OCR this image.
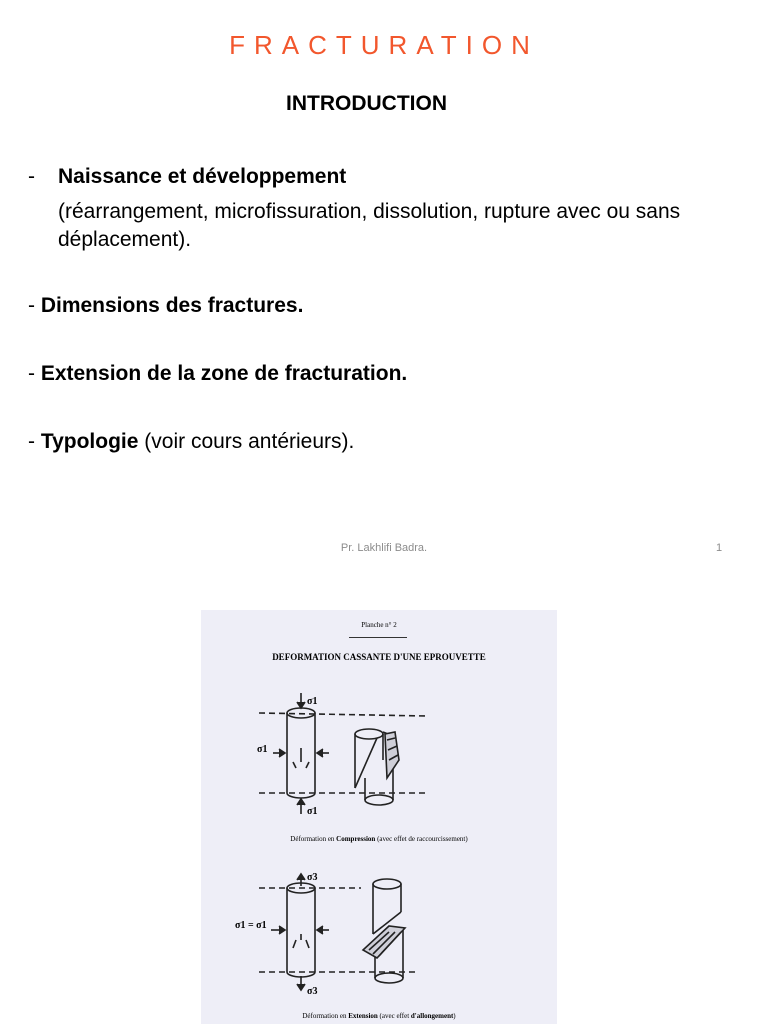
FRACTURATION
INTRODUCTION
- Naissance et développement
(réarrangement, microfissuration, dissolution, rupture avec ou sans déplacement).
- Dimensions des fractures.
- Extension de la zone de fracturation.
- Typologie (voir cours antérieurs).
Pr. Lakhlifi Badra.	1
Planche n° 2
DEFORMATION CASSANTE D'UNE EPROUVETTE
σ1
σ1
σ1
σ3
σ1 = σ1
σ3
Déformation en Compression (avec effet de raccourcissement)
Déformation en Extension (avec effet d'allongement)
